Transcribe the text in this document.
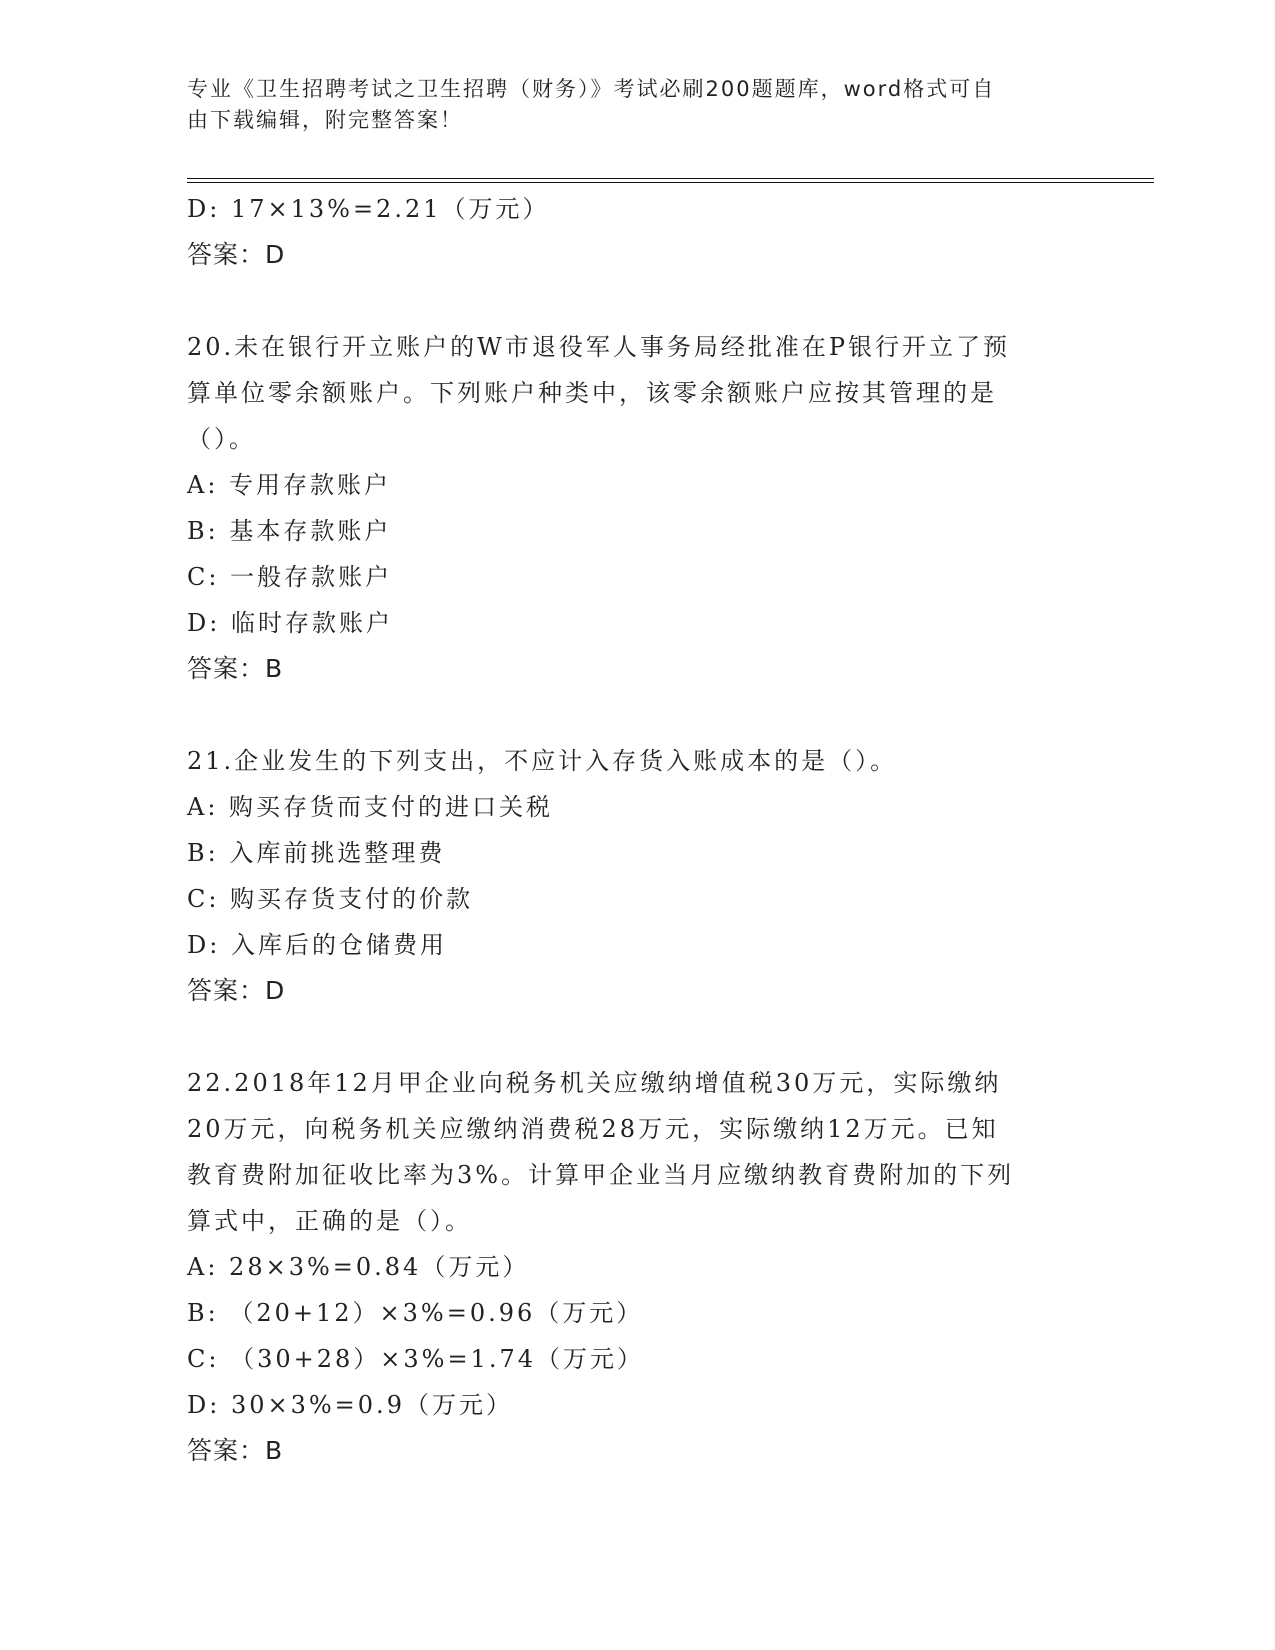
专业《卫生招聘考试之卫生招聘（财务）》考试必刷200题题库，word格式可自
由下载编辑，附完整答案！
D: 17×13%=2.21（万元）
答案：D
20.未在银行开立账户的W市退役军人事务局经批准在P银行开立了预
算单位零余额账户。下列账户种类中，该零余额账户应按其管理的是
（）。
A: 专用存款账户
B: 基本存款账户
C: 一般存款账户
D: 临时存款账户
答案：B
21.企业发生的下列支出，不应计入存货入账成本的是（）。
A: 购买存货而支付的进口关税
B: 入库前挑选整理费
C: 购买存货支付的价款
D: 入库后的仓储费用
答案：D
22.2018年12月甲企业向税务机关应缴纳增值税30万元，实际缴纳
20万元，向税务机关应缴纳消费税28万元，实际缴纳12万元。已知
教育费附加征收比率为3%。计算甲企业当月应缴纳教育费附加的下列
算式中，正确的是（）。
A: 28×3%=0.84（万元）
B: （20+12）×3%=0.96（万元）
C: （30+28）×3%=1.74（万元）
D: 30×3%=0.9（万元）
答案：B
